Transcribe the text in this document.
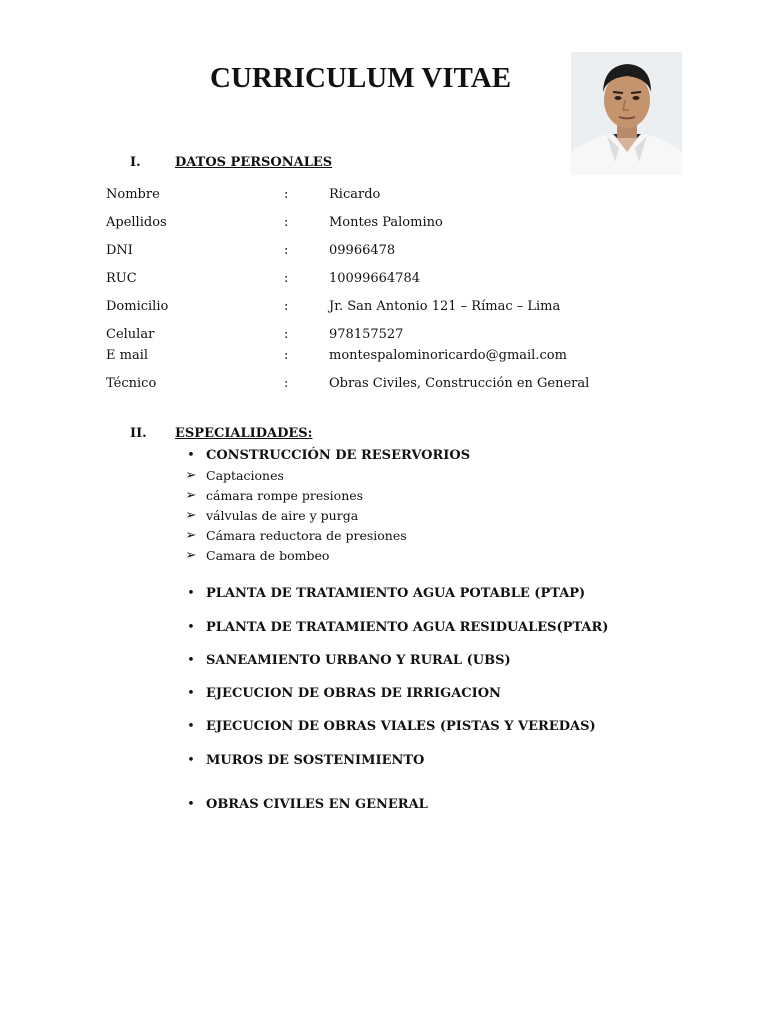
CURRICULUM VITAE
I.	DATOS PERSONALES
Nombre	:	Ricardo
Apellidos	:	Montes Palomino
DNI	:	09966478
RUC	:	10099664784
Domicilio	:	Jr. San Antonio 121 – Rímac – Lima
Celular	:	978157527
E mail	:	montespalominoricardo@gmail.com
Técnico	:	Obras Civiles, Construcción en General
II. ESPECIALIDADES:
• CONSTRUCCIÓN DE RESERVORIOS
➢ Captaciones
➢ cámara rompe presiones
➢ válvulas de aire y purga
➢ Cámara reductora de presiones
➢ Camara de bombeo
• PLANTA DE TRATAMIENTO AGUA POTABLE (PTAP)
• PLANTA DE TRATAMIENTO AGUA RESIDUALES(PTAR)
• SANEAMIENTO URBANO Y RURAL (UBS)
• EJECUCION DE OBRAS DE IRRIGACION
• EJECUCION DE OBRAS VIALES (PISTAS Y VEREDAS)
• MUROS DE SOSTENIMIENTO
• OBRAS CIVILES EN GENERAL
